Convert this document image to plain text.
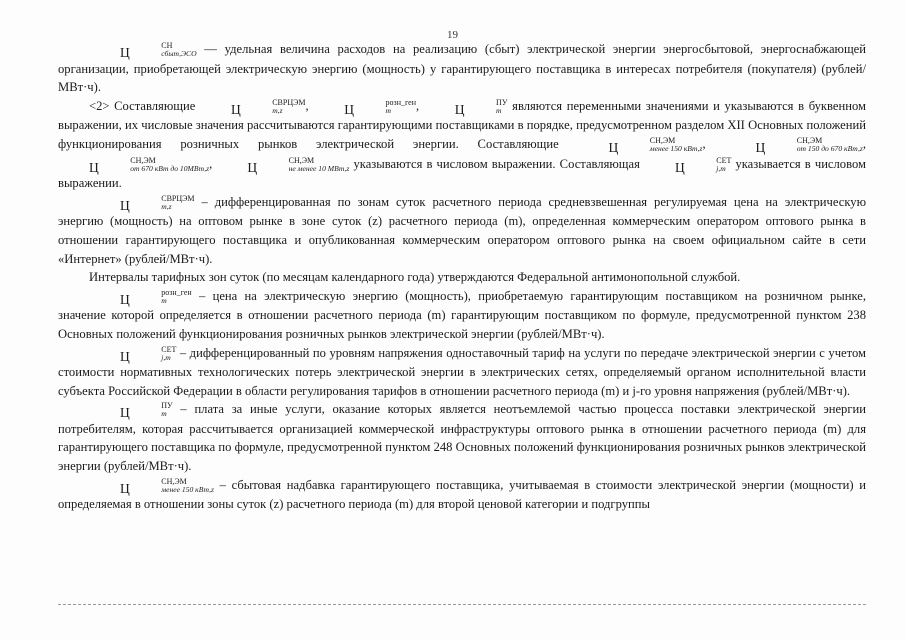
19

Ц	СН
сбыт,ЭСО — удельная величина расходов на реализацию (сбыт) электрической энергии энергосбытовой, энергоснабжающей организации, приобретающей электрическую энергию (мощность) у гарантирующего поставщика в интересах потребителя (покупателя) (рублей/МВт·ч).

<2> Составляющие Ц	СВРЦЭМ
m,z	, Ц	розн_ген
m	, Ц	ПУ
m являются переменными значениями и указываются в буквенном выражении, их числовые значения рассчитываются гарантирующими поставщиками в порядке, предусмотренном разделом XII Основных положений функционирования розничных рынков электрической энергии. Составляющие Ц	СН,ЭМ
менее 150 кВт,z , Ц	СН,ЭМ
от 150 до 670 кВт,z , Ц	СН,ЭМ
от 670 кВт до 10МВт,z , Ц	СН,ЭМ
не менее 10 МВт,z указываются в числовом выражении. Составляющая Ц	СЕТ
j,m указывается в числовом выражении.

Ц	СВРЦЭМ
m,z	– дифференцированная по зонам суток расчетного периода средневзвешенная регулируемая цена на электрическую энергию (мощность) на оптовом рынке в зоне суток (z) расчетного периода (m), определенная коммерческим оператором оптового рынка в отношении гарантирующего поставщика и опубликованная коммерческим оператором оптового рынка на своем официальном сайте в сети «Интернет» (рублей/МВт·ч).

Интервалы тарифных зон суток (по месяцам календарного года) утверждаются Федеральной антимонопольной службой.

Ц	розн_ген
m	– цена на электрическую энергию (мощность), приобретаемую гарантирующим поставщиком на розничном рынке, значение которой определяется в отношении расчетного периода (m) гарантирующим поставщиком по формуле, предусмотренной пунктом 238 Основных положений функционирования розничных рынков электрической энергии (рублей/МВт·ч).

Ц	СЕТ
j,m – дифференцированный по уровням напряжения одноставочный тариф на услуги по передаче электрической энергии с учетом стоимости нормативных технологических потерь электрической энергии в электрических сетях, определяемый органом исполнительной власти субъекта Российской Федерации в области регулирования тарифов в отношении расчетного периода (m) и j-го уровня напряжения (рублей/МВт·ч).

Ц	ПУ
m – плата за иные услуги, оказание которых является неотъемлемой частью процесса поставки электрической энергии потребителям, которая рассчитывается организацией коммерческой инфраструктуры оптового рынка в отношении расчетного периода (m) для гарантирующего поставщика по формуле, предусмотренной пунктом 248 Основных положений функционирования розничных рынков электрической энергии (рублей/МВт·ч).

Ц	СН,ЭМ
менее 150 кВт,z – сбытовая надбавка гарантирующего поставщика, учитываемая в стоимости электрической энергии (мощности) и определяемая в отношении зоны суток (z) расчетного периода (m) для второй ценовой категории и подгруппы
